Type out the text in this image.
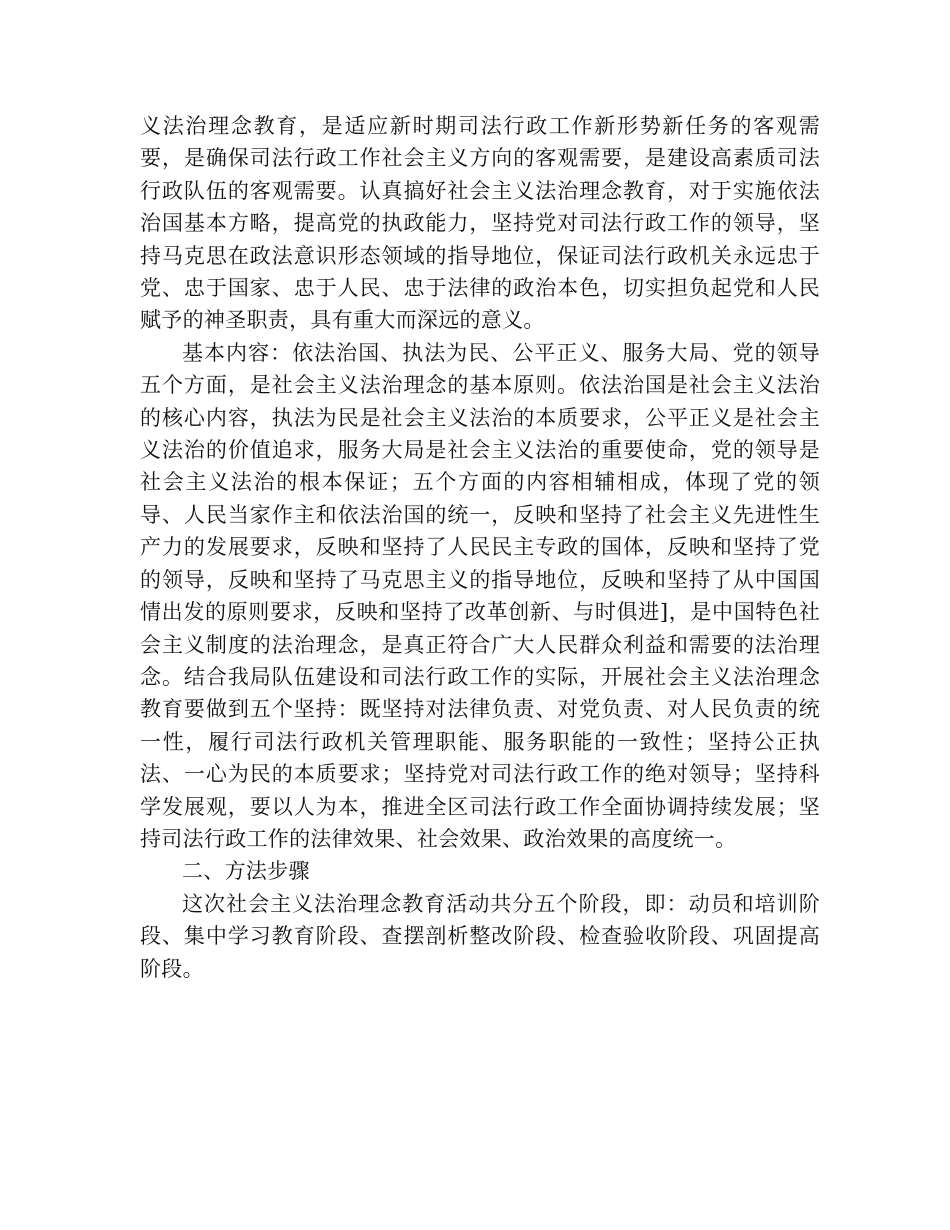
义法治理念教育，是适应新时期司法行政工作新形势新任务的客观需要，是确保司法行政工作社会主义方向的客观需要，是建设高素质司法行政队伍的客观需要。认真搞好社会主义法治理念教育，对于实施依法治国基本方略，提高党的执政能力，坚持党对司法行政工作的领导，坚持马克思在政法意识形态领域的指导地位，保证司法行政机关永远忠于党、忠于国家、忠于人民、忠于法律的政治本色，切实担负起党和人民赋予的神圣职责，具有重大而深远的意义。

基本内容：依法治国、执法为民、公平正义、服务大局、党的领导五个方面，是社会主义法治理念的基本原则。依法治国是社会主义法治的核心内容，执法为民是社会主义法治的本质要求，公平正义是社会主义法治的价值追求，服务大局是社会主义法治的重要使命，党的领导是社会主义法治的根本保证；五个方面的内容相辅相成，体现了党的领导、人民当家作主和依法治国的统一，反映和坚持了社会主义先进性生产力的发展要求，反映和坚持了人民民主专政的国体，反映和坚持了党的领导，反映和坚持了马克思主义的指导地位，反映和坚持了从中国国情出发的原则要求，反映和坚持了改革创新、与时俱进]，是中国特色社会主义制度的法治理念，是真正符合广大人民群众利益和需要的法治理念。结合我局队伍建设和司法行政工作的实际，开展社会主义法治理念教育要做到五个坚持：既坚持对法律负责、对党负责、对人民负责的统一性，履行司法行政机关管理职能、服务职能的一致性；坚持公正执法、一心为民的本质要求；坚持党对司法行政工作的绝对领导；坚持科学发展观，要以人为本，推进全区司法行政工作全面协调持续发展；坚持司法行政工作的法律效果、社会效果、政治效果的高度统一。

二、方法步骤

这次社会主义法治理念教育活动共分五个阶段，即：动员和培训阶段、集中学习教育阶段、查摆剖析整改阶段、检查验收阶段、巩固提高阶段。
